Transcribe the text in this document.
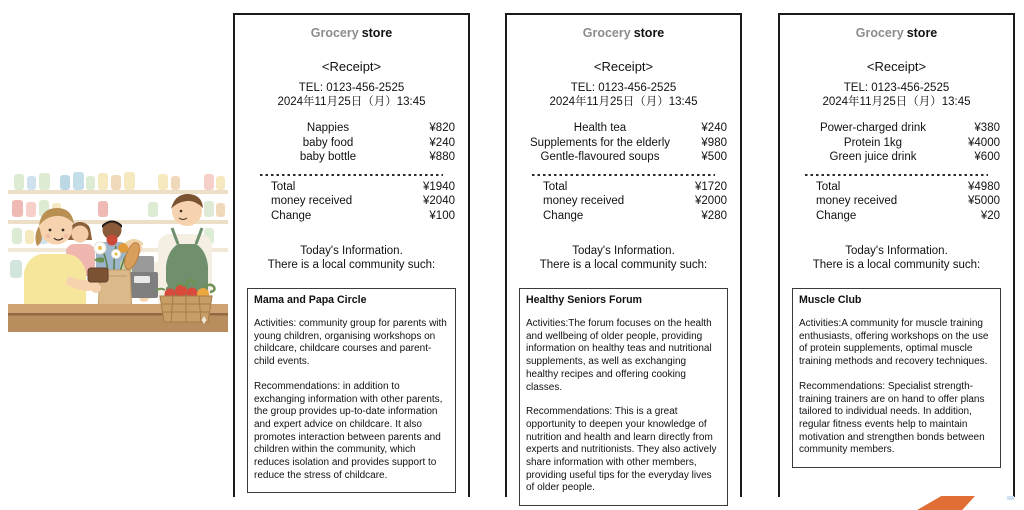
Grocery store
<Receipt>
TEL: 0123-456-2525
2024年11月25日（月）13:45
Nappies	¥820
baby food	¥240
baby bottle	¥880
Total	¥1940
money received	¥2040
Change	¥100
Today's Information.
There is a local community such:
Mama and Papa Circle
Activities: community group for parents with young children, organising workshops on childcare, childcare courses and parent-child events.
Recommendations: in addition to exchanging information with other parents, the group provides up-to-date information and expert advice on childcare. It also promotes interaction between parents and children within the community, which reduces isolation and provides support to reduce the stress of childcare.
Grocery store
<Receipt>
TEL: 0123-456-2525
2024年11月25日（月）13:45
Health tea	¥240
Supplements for the elderly	¥980
Gentle-flavoured soups	¥500
Total	¥1720
money received	¥2000
Change	¥280
Today's Information.
There is a local community such:
Healthy Seniors Forum
Activities:The forum focuses on the health and wellbeing of older people, providing information on healthy teas and nutritional supplements, as well as exchanging healthy recipes and offering cooking classes.
Recommendations: This is a great opportunity to deepen your knowledge of nutrition and health and learn directly from experts and nutritionists. They also actively share information with other members, providing useful tips for the everyday lives of older people.
Grocery store
<Receipt>
TEL: 0123-456-2525
2024年11月25日（月）13:45
Power-charged drink	¥380
Protein 1kg	¥4000
Green juice drink	¥600
Total	¥4980
money received	¥5000
Change	¥20
Today's Information.
There is a local community such:
Muscle Club
Activities:A community for muscle training enthusiasts, offering workshops on the use of protein supplements, optimal muscle training methods and recovery techniques.
Recommendations: Specialist strength-training trainers are on hand to offer plans tailored to individual needs. In addition, regular fitness events help to maintain motivation and strengthen bonds between community members.
